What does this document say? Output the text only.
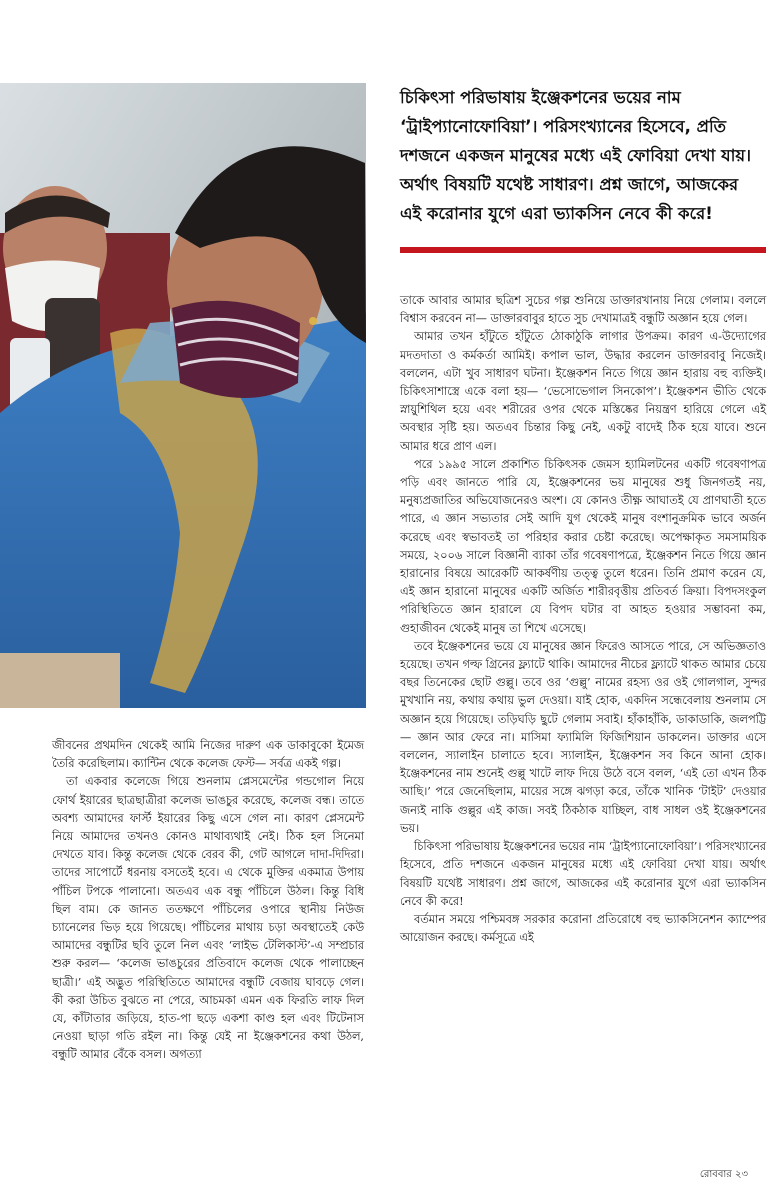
চিকিৎসা পরিভাষায় ইঞ্জেকশনের ভয়ের নাম ‘ট্রাইপ্যানোফোবিয়া’। পরিসংখ্যানের হিসেবে, প্রতি দশজনে একজন মানুষের মধ্যে এই ফোবিয়া দেখা যায়। অর্থাৎ বিষয়টি যথেষ্ট সাধারণ। প্রশ্ন জাগে, আজকের এই করোনার যুগে এরা ভ্যাকসিন নেবে কী করে!

জীবনের প্রথমদিন থেকেই আমি নিজের দারুণ এক ডাকাবুকো ইমেজ তৈরি করেছিলাম। ক্যান্টিন থেকে কলেজ ফেস্ট— সর্বত্র একই গল্প।

তা একবার কলেজে গিয়ে শুনলাম প্লেসমেন্টের গন্ডগোল নিয়ে ফোর্থ ইয়ারের ছাত্রছাত্রীরা কলেজ ভাঙচুর করেছে, কলেজ বন্ধ। তাতে অবশ্য আমাদের ফার্স্ট ইয়ারের কিছু এসে গেল না। কারণ প্লেসমেন্ট নিয়ে আমাদের তখনও কোনও মাথাব্যথাই নেই। ঠিক হল সিনেমা দেখতে যাব। কিন্তু কলেজ থেকে বেরব কী, গেট আগলে দাদা-দিদিরা। তাদের সাপোর্টে ধরনায় বসতেই হবে। এ থেকে মুক্তির একমাত্র উপায় পাঁচিল টপকে পালানো। অতএব এক বন্ধু পাঁচিলে উঠল। কিন্তু বিধি ছিল বাম। কে জানত ততক্ষণে পাঁচিলের ওপারে স্থানীয় নিউজ চ্যানেলের ভিড় হয়ে গিয়েছে। পাঁচিলের মাথায় চড়া অবস্থাতেই কেউ আমাদের বন্ধুটির ছবি তুলে নিল এবং ‘লাইভ টেলিকাস্ট’-এ সম্প্রচার শুরু করল— ‘কলেজ ভাঙচুরের প্রতিবাদে কলেজ থেকে পালাচ্ছেন ছাত্রী।’ এই অদ্ভুত পরিস্থিতিতে আমাদের বন্ধুটি বেজায় ঘাবড়ে গেল। কী করা উচিত বুঝতে না পেরে, আচমকা এমন এক ফিরতি লাফ দিল যে, কাঁটাতার জড়িয়ে, হাত-পা ছড়ে একশা কাণ্ড হল এবং টিটেনাস নেওয়া ছাড়া গতি রইল না। কিন্তু যেই না ইঞ্জেকশনের কথা উঠল, বন্ধুটি আমার বেঁকে বসল। অগত্যা

তাকে আবার আমার ছত্রিশ সুচের গল্প শুনিয়ে ডাক্তারখানায় নিয়ে গেলাম। বললে বিশ্বাস করবেন না— ডাক্তারবাবুর হাতে সুচ দেখামাত্রই বন্ধুটি অজ্ঞান হয়ে গেল।

আমার তখন হাঁটুতে হাঁটুতে ঠোকাঠুকি লাগার উপক্রম। কারণ এ-উদ্যোগের মদতদাতা ও কর্মকর্তা আমিই। কপাল ভাল, উদ্ধার করলেন ডাক্তারবাবু নিজেই। বললেন, এটা খুব সাধারণ ঘটনা। ইঞ্জেকশন নিতে গিয়ে জ্ঞান হারায় বহু ব্যক্তিই। চিকিৎসাশাস্ত্রে একে বলা হয়— ‘ভেসোভেগাল সিনকোপ’। ইঞ্জেকশন ভীতি থেকে স্নায়ুশিথিল হয়ে এবং শরীরের ওপর থেকে মস্তিষ্কের নিয়ন্ত্রণ হারিয়ে গেলে এই অবস্থার সৃষ্টি হয়। অতএব চিন্তার কিছু নেই, একটু বাদেই ঠিক হয়ে যাবে। শুনে আমার ধরে প্রাণ এল।

পরে ১৯৯৫ সালে প্রকাশিত চিকিৎসক জেমস হ্যামিলটনের একটি গবেষণাপত্র পড়ি এবং জানতে পারি যে, ইঞ্জেকশনের ভয় মানুষের শুধু জিনগতই নয়, মনুষ্যপ্রজাতির অভিযোজনেরও অংশ। যে কোনও তীক্ষ্ণ আঘাতই যে প্রাণঘাতী হতে পারে, এ জ্ঞান সভ্যতার সেই আদি যুগ থেকেই মানুষ বংশানুক্রমিক ভাবে অর্জন করেছে এবং স্বভাবতই তা পরিহার করার চেষ্টা করেছে। অপেক্ষাকৃত সমসাময়িক সময়ে, ২০০৬ সালে বিজ্ঞানী ব্যাকা তাঁর গবেষণাপত্রে, ইঞ্জেকশন নিতে গিয়ে জ্ঞান হারানোর বিষয়ে আরেকটি আকর্ষণীয় তত্ত্ব তুলে ধরেন। তিনি প্রমাণ করেন যে, এই জ্ঞান হারানো মানুষের একটি অর্জিত শারীরবৃত্তীয় প্রতিবর্ত ক্রিয়া। বিপদসংকুল পরিস্থিতিতে জ্ঞান হারালে যে বিপদ ঘটার বা আহত হওয়ার সম্ভাবনা কম, গুহাজীবন থেকেই মানুষ তা শিখে এসেছে।

তবে ইঞ্জেকশনের ভয়ে যে মানুষের জ্ঞান ফিরেও আসতে পারে, সে অভিজ্ঞতাও হয়েছে। তখন গল্ফ গ্রিনের ফ্ল্যাটে থাকি। আমাদের নীচের ফ্ল্যাটে থাকত আমার চেয়ে বছর তিনেকের ছোট গুল্লু। তবে ওর ‘গুল্লু’ নামের রহস্য ওর ওই গোলগাল, সুন্দর মুখখানি নয়, কথায় কথায় ভুল দেওয়া। যাই হোক, একদিন সন্ধেবেলায় শুনলাম সে অজ্ঞান হয়ে গিয়েছে। তড়িঘড়ি ছুটে গেলাম সবাই। হাঁকাহাঁকি, ডাকাডাকি, জলপট্টি— জ্ঞান আর ফেরে না। মাসিমা ফ্যামিলি ফিজিশিয়ান ডাকলেন। ডাক্তার এসে বললেন, স্যালাইন চালাতে হবে। স্যালাইন, ইঞ্জেকশন সব কিনে আনা হোক। ইঞ্জেকশনের নাম শুনেই গুল্লু খাটে লাফ দিয়ে উঠে বসে বলল, ‘এই তো এখন ঠিক আছি।’ পরে জেনেছিলাম, মায়ের সঙ্গে ঝগড়া করে, তাঁকে খানিক ‘টাইট’ দেওয়ার জন্যই নাকি গুল্লুর এই কাজ। সবই ঠিকঠাক যাচ্ছিল, বাধ সাধল ওই ইঞ্জেকশনের ভয়।

চিকিৎসা পরিভাষায় ইঞ্জেকশনের ভয়ের নাম ‘ট্রাইপ্যানোফোবিয়া’। পরিসংখ্যানের হিসেবে, প্রতি দশজনে একজন মানুষের মধ্যে এই ফোবিয়া দেখা যায়। অর্থাৎ বিষয়টি যথেষ্ট সাধারণ। প্রশ্ন জাগে, আজকের এই করোনার যুগে এরা ভ্যাকসিন নেবে কী করে!

বর্তমান সময়ে পশ্চিমবঙ্গ সরকার করোনা প্রতিরোধে বহু ভ্যাকসিনেশন ক্যাম্পের আয়োজন করছে। কর্মসূত্রে এই

রোববার ২৩
